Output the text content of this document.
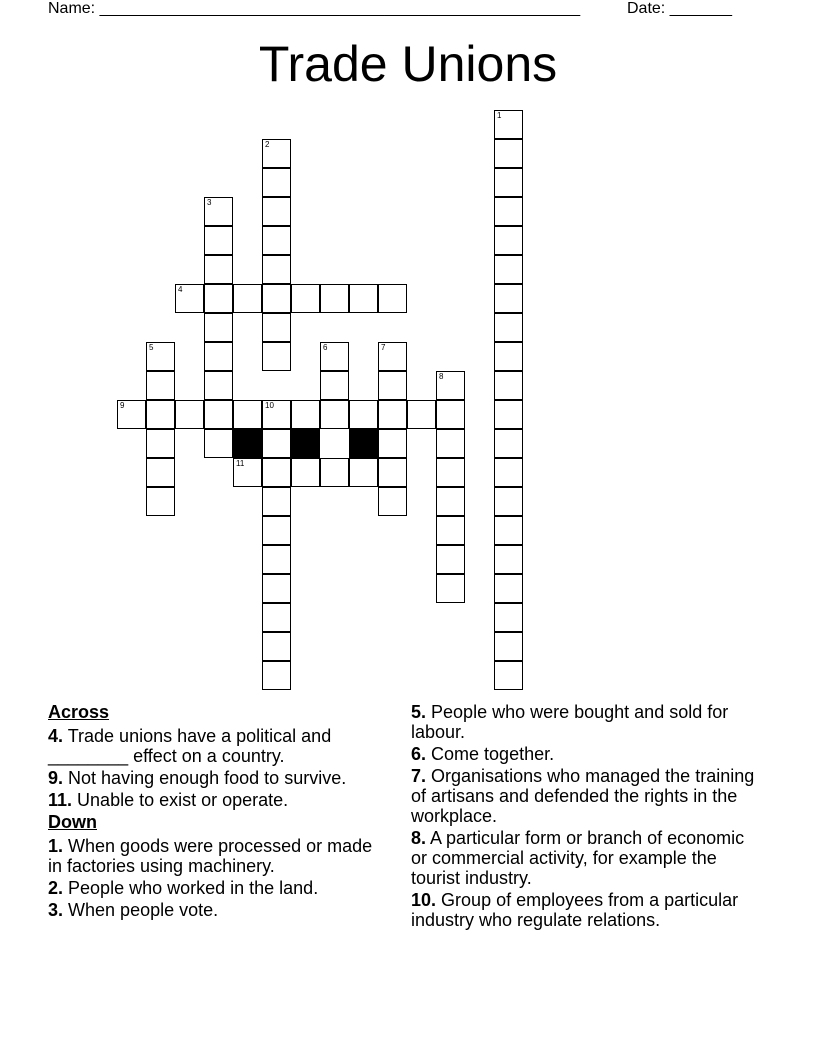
Name: ______________________________________________________	Date: _______
Trade Unions
1
2
3
6	7
8
10
9
11
4
5
Across
4. Trade unions have a political and ________ effect on a country.
9. Not having enough food to survive.
11. Unable to exist or operate.
Down
1. When goods were processed or made in factories using machinery.
2. People who worked in the land.
3. When people vote.
5. People who were bought and sold for labour.
6. Come together.
7. Organisations who managed the training of artisans and defended the rights in the workplace.
8. A particular form or branch of economic or commercial activity, for example the tourist industry.
10. Group of employees from a particular industry who regulate relations.
